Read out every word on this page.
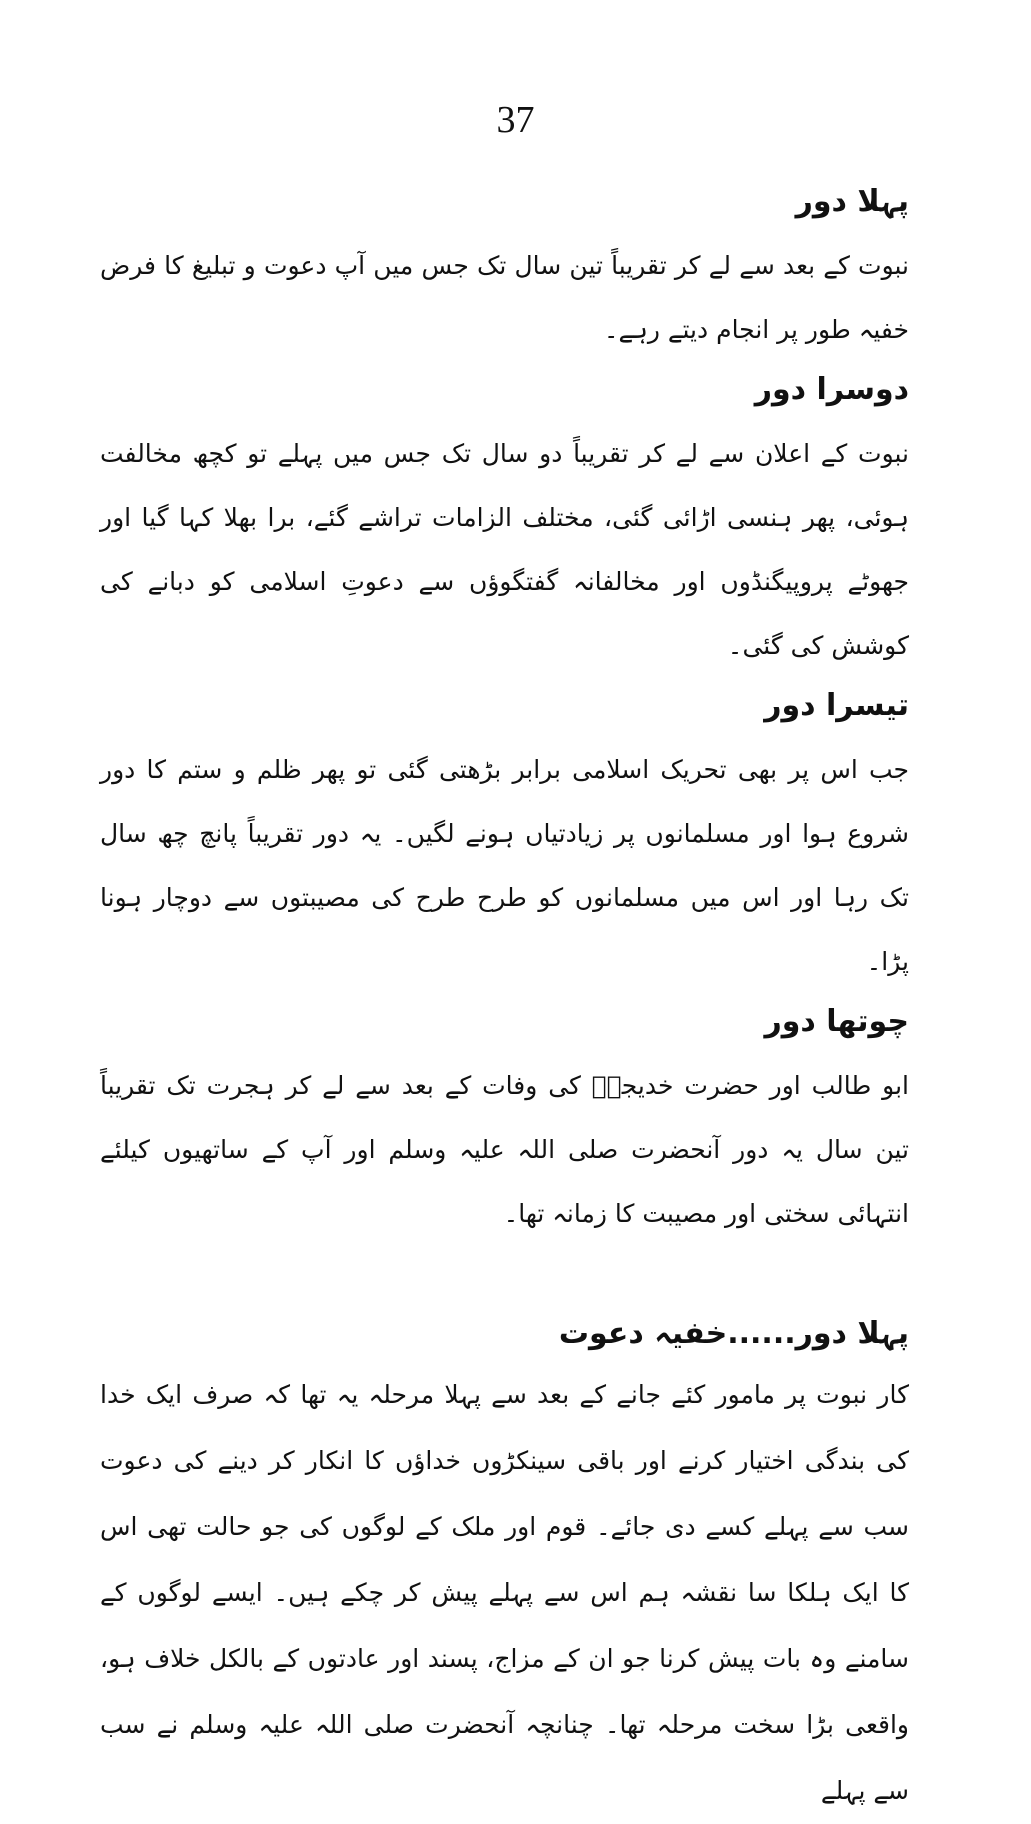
37
پہلا دور

نبوت کے بعد سے لے کر تقریباً تین سال تک جس میں آپ دعوت و تبلیغ کا فرض خفیہ طور پر انجام دیتے رہے۔

دوسرا دور

نبوت کے اعلان سے لے کر تقریباً دو سال تک جس میں پہلے تو کچھ مخالفت ہوئی، پھر ہنسی اڑائی گئی، مختلف الزامات تراشے گئے، برا بھلا کہا گیا اور جھوٹے پروپیگنڈوں اور مخالفانہ گفتگوؤں سے دعوتِ اسلامی کو دبانے کی کوشش کی گئی۔

تیسرا دور

جب اس پر بھی تحریک اسلامی برابر بڑھتی گئی تو پھر ظلم و ستم کا دور شروع ہوا اور مسلمانوں پر زیادتیاں ہونے لگیں۔ یہ دور تقریباً پانچ چھ سال تک رہا اور اس میں مسلمانوں کو طرح طرح کی مصیبتوں سے دوچار ہونا پڑا۔

چوتھا دور

ابو طالب اور حضرت خدیجہؓ کی وفات کے بعد سے لے کر ہجرت تک تقریباً تین سال یہ دور آنحضرت صلی اللہ علیہ وسلم اور آپ کے ساتھیوں کیلئے انتہائی سختی اور مصیبت کا زمانہ تھا۔

پہلا دور......خفیہ دعوت

کار نبوت پر مامور کئے جانے کے بعد سے پہلا مرحلہ یہ تھا کہ صرف ایک خدا کی بندگی اختیار کرنے اور باقی سینکڑوں خداؤں کا انکار کر دینے کی دعوت سب سے پہلے کسے دی جائے۔ قوم اور ملک کے لوگوں کی جو حالت تھی اس کا ایک ہلکا سا نقشہ ہم اس سے پہلے پیش کر چکے ہیں۔ ایسے لوگوں کے سامنے وہ بات پیش کرنا جو ان کے مزاج، پسند اور عادتوں کے بالکل خلاف ہو، واقعی بڑا سخت مرحلہ تھا۔ چنانچہ آنحضرت صلی اللہ علیہ وسلم نے سب سے پہلے
